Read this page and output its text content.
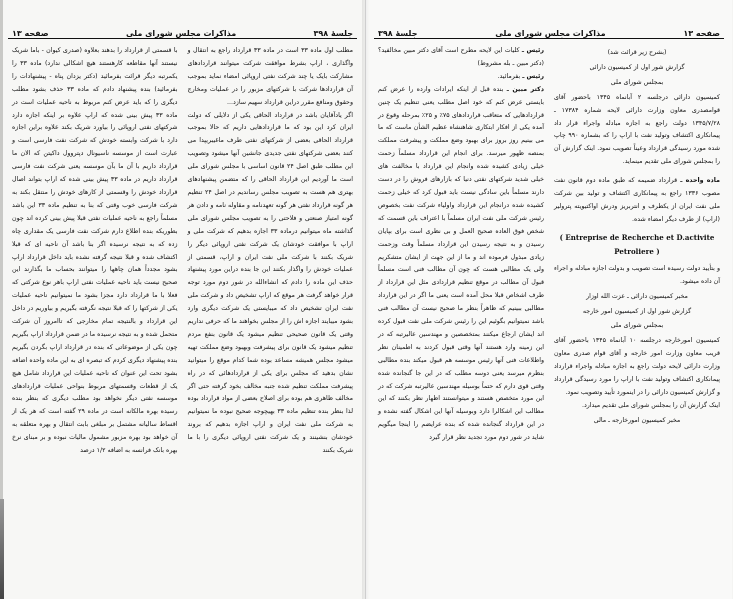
جلسهٔ ۳۹۸
مذاکرات مجلس شورای ملی
صفحه ۱۳

مطلب اول ماده ۳۳ است در ماده ۳۳ قرارداد راجع به انتقال و واگذاری ، اراپ بشرط موافقت شرکت میتوانند قراردادهای مشارکت بایک یا چند شرکت نفتی اروپائی امضاء نماید بموجب آن قراردادها شرکت با شرکتهای مزبور را در عملیات ومخارج وحقوق ومنافع مقرر دراین قرارداد سهیم سازد...

اگر یادآقایان باشد در قرارداد الحاقی یکی از دلایلی که دولت ایران کرد این بود که ما قراردادهایی داریم که حالا بموجب قرارداد الحاقی بعضی از شرکتهای نفتی طرف ماغیبریپدا می کنند بعضی شرکتهای نفتی جدیدی جانشین آنها میشود وتصویب این مطلب طبق اصل ۲۴ قانون اساسی با مجلس شورای ملی است ما آوردیم این قرارداد الحاقی را که متضمن پیشنهادهای بهتری هم هست به تصویب مجلس رساندیم در اصل ۲۴ تنظیم هر گونه قرارداد نفتی هر گونه تعهدنامه و مقاوله نامه و دادن هر گونه امتیاز صنعتی و فلاحتی را به تصویب مجلس شورای ملی گذاشته ماه میتوانیم درماده ۳۳ اجازه بدهیم که شرکت ملی و اراپ با موافقت خودشان یک شرکت نفتی اروپائی دیگر را شریک بکنند با شرکت ملی نفت ایران و اراپ، قسمتی از عملیات خودش را واگذار بکنند این جا بنده دراین مورد پیشنهاد حذف این ماده را دادم که انشاءالله در شور دوم مورد توجه قرار خواهد گرفت هر موقع که اراپ تشخیص داد و شرکت ملی نفت ایران تشخیص داد که میبایستی یک شرکت دیگری وارد بشود میبایند اجازه اش را از مجلس بخواهند ما که حرفی نداریم وقتی یک قانون صحیحی تنظیم میشود یک قانون بنفع مردم تنظیم میشود یک قانون برای پیشرفت وبهبود وضع مملکت تهیه میشود مجلس همیشه مساعد بوده شما کدام موقع را میتوانید نشان بدهید که مجلس برای یکی از قراردادهائی که در راه پیشرفت مملکت تنظیم شده جنبه مخالف بخود گرفته حتی اگر مخالف ظاهری هم بوده برای اصلاح بعضی از مواد قرارداد بوده لذا بنظر بنده تنظیم ماده ۳۳ بهیچوجه صحیح نبوده ما نمیتوانیم به شرکت ملی نفت ایران و اراپ اجازه بدهیم که بروند خودشان بنشینند و یک شرکت نفتی اروپائی دیگری را با ما شریک بکنند

با قسمتی از قرارداد را بدهند بعلاوه (صدری کیوان - باما شریک نیستند آنها مقاطعه کارهستند هیچ اشکالی ندارد) ماده ۳۳ را یکمرتبه دیگر قرائت بفرمائید (دکتر یزدان پناه - پیشنهادات را بفرمائید) بنده پیشنهاد دادم که ماده ۳۳ حذف بشود مطلب دیگری را که باید عرض کنم مربوط به ناحیه عملیات است در ماده ۳۳ پیش بینی شده که اراپ علاوه بر اینکه اجازه دارد شرکتهای نفتی اروپائی را بیاورد شریک بکند علاوه براین اجازه دارد با شرکت وابسته خودش که شرکت نفت فارسی است و عبارت است از موسسه ناسیونال دپتروول داکیتن که الان ما قرارداد داریم با آن ما بآن موسسه یعنی شرکت نفت فارسی قرارداد داریم در ماده ۳۳ پیش بینی شده که اراپ بتواند اصال قرارداد خودش را وقسمتی از کارهای خودش را منتقل بکند به شرکت فارسی خوب وقتی که بنا به تنظیم ماده ۳۳ این باشد مسلماً راجع به ناحیه عملیات نفتی قبلا پیش بینی کرده اند چون بطوریکه بنده اطلاع دارم شرکت نفت فارسی یک مقداری چاه زده که به نتیجه نرسیده اگر بنا باشد آن ناحیه ای که قبلا اکتشاف شده و قبلا نتیجه گرفته نشده باید داخل قرارداد اراپ بشود مجدداً همان چاهها را میتوانند بحساب ما بگذارند این صحیح نیست باید ناحیه عملیات نفتی اراپ باهر نوع شرکتی که فعلا با ما قرارداد دارد مجزا بشود ما نمیتوانیم ناحیه عملیات یکی از شرکتها را که قبلا نتیجه نگرفته بگیریم و بیاوریم در داخل این قرارداد و بالنتیجه تمام مخارجی که تاامروز آن شرکت متحمل شده و به نتیجه نرسیده ما در ضمن قرارداد اراپ بگیریم چون یکی از موضوعاتی که بنده در قرارداد اراپ بگردن بگیریم بنده پیشنهاد دیگری کردم که تبصره ای به این ماده واحده اضافه بشود تحت این عنوان که ناحیه عملیات این قرارداد شامل هیچ یک از قطعات وقسمتهای مربوط بنواحی عملیات قراردادهای موسسه نفتی دیگر نخواهد بود مطلب دیگری که بنظر بنده رسیده بهره مالکانه است در ماده ۲۹ گفته است که هر یک از اقساط سالیانه مشتمل بر مبلغی بابت انتقال و بهره متعلقه به آن خواهد بود بهره مزبور مشمول مالیات نبوده و بر مبنای نرخ بهره بانک فرانسه به اضافه ۱/۲ درصد

صفحه ۱۳
مذاکرات مجلس شورای ملی
جلسهٔ ۳۹۸

(بشرح زیر قرائت شد)

گزارش شور اول از کمیسیون دارائی

بمجلس شورای ملی

کمیسیون دارائی درجلسه ۲ آبانماه ۱۳۴۵ باحضور آقای قوامصدری معاون وزارت دارائی لایحه شماره ۱۷۳۸۴ ـ ۱۳۴۵/۷/۲۸ دولت راجع به اجازه مبادله واجراء قرار داد پیمانکاری اکتشاف وتولید نفت با اراپ را که بشماره ۹۹۰ چاپ شده مورد رسیدگی قرارداد وعیناً تصویب نمود. اینک گزارش آن را بمجلس شورای ملی تقدیم مینماید.

ماده واحده ـ قرارداد ضمیمه که طبق ماده دوم قانون نفت مصوب ۱۳۳۶ راجع به پیمانکاری اکتشاف و تولید بین شرکت ملی نفت ایران از یکطرف و انتربریز ودرش اواکتیویته پترولیر (اراپ) از طرف دیگر امضاء شده.

( Entreprise de Recherche et D.activite Petroliere )

و بتأیید دولت رسیده است تصویب و بدولت اجازه مبادله و اجراء آن داده میشود.

مخبر کمیسیون دارائی ـ عزت الله اوزار

گزارش شور اول از کمیسیون امور خارجه

بمجلس شورای ملی

کمیسیون امورخارجه درجلسه ۱۰ آبانماه ۱۳۴۵ باحضور آقای قریب معاون وزارت امور خارجه و آقای قوام صدری معاون وزارت دارائی لایحه دولت راجع به اجازه مبادله واجراء قرارداد پیمانکاری اکتشاف وتولید نفت با اراپ را مورد رسیدگی قرارداد و گزارش کمیسیون دارائی را در اینمورد تأیید وتصویب نمود.

اینک گزارش آن را بمجلس شورای ملی تقدیم میدارد.

مخبر کمیسیون امورخارجه ـ مالی

رئیس ـ کلیات این لایحه مطرح است آقای دکتر مبین مخالفید؟ (دکتر مبین ـ بله مشروط)

رئیس ـ بفرمائید.

دکتر مبین ـ بنده قبل از اینکه ایرادات وارده را عرض کنم بایستی عرض کنم که خود اصل مطلب یعنی تنظیم یک چنین قراردادهایی که متعاقب قراردادهای ۷۵٪ و ۲۵٪ بمرحله وقوع در آمده یکی از افکار ابتکاری شاهنشاه عظیم الشأن ماست که ما می بینیم روز بروز برای بهبود وضع مملکت و پیشرفت مملکت بمنصه ظهور میرسد. برای انجام این قرارداد مسلماً زحمت خیلی زیادی کشیده شده وانجام این قرارداد با مخالفت های خیلی شدید شرکتهای نفتی دنیا که بازارهای فروش را در دست دارند مسلماً باین سادگی نیست باید قبول کرد که خیلی زحمت کشیده شده درانجام این قرارداد واولیاء شرکت نفت بخصوص رئیس شرکت ملی نفت ایران مسلماً با اعتراف باین قسمت که شخص فوق العاده صحیح العمل و بی نظری است برای بپایان رسیدن و به نتیجه رسیدن این قرارداد مسلماً وقت وزحمت زیادی مبذول فرموده اند و ما از این جهت از ایشان متشکریم ولی یک مطالبی هست که چون آن مطالب فنی است مسلماً قبول آن مطالب در موقع تنظیم قراردادی مثل این قرارداد از طرف اشخاص قبلا محل آمده است یعنی ما اگر در این قرارداد مطالبی ببینیم که ظاهراً بنظر ما صحیح نیست آن مطالب فنی باشد نمیتوانیم بگوئیم این را رئیس شرکت ملی نفت قبول کرده اند ایشان ارجاع میکنند بمتخصصین و مهندسین عالیرتبه که در این زمینه وارد هستند آنها وقتی قبول کردند به اطمینان نظر واطلاعات فنی آنها رئیس موسسه هم قبول میکند بنده مطالبی بنظرم میرسد یعنی دوسه مطلب که در این جا گنجانده شده وقتی قوی دارم که حتماً بوسیله مهندسین عالیرتبه شرکت که در این مورد متخصص هستند و میتوانستند اظهار نظر بکنند که این مطالب این اشکالرا دارد وبوسیله آنها این اشکال گفته نشده و در این قرارداد گنجانده شده که بنده عرایضم را اینجا میگویم شاید در شور دوم مورد تجدید نظر قرار گیرد
